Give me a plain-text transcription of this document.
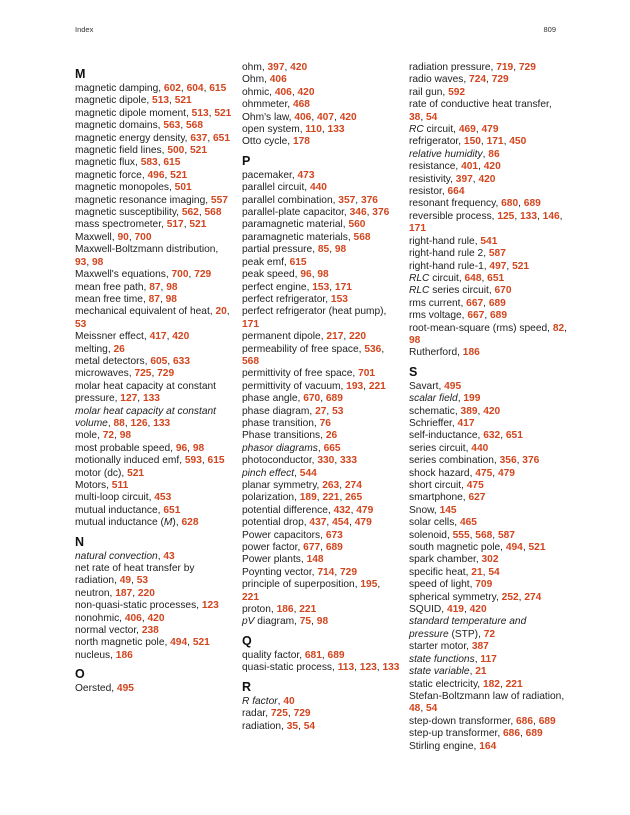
Index	809
M
magnetic damping, 602, 604, 615
magnetic dipole, 513, 521
magnetic dipole moment, 513, 521
magnetic domains, 563, 568
magnetic energy density, 637, 651
magnetic field lines, 500, 521
magnetic flux, 583, 615
magnetic force, 496, 521
magnetic monopoles, 501
magnetic resonance imaging, 557
magnetic susceptibility, 562, 568
mass spectrometer, 517, 521
Maxwell, 90, 700
Maxwell-Boltzmann distribution, 93, 98
Maxwell's equations, 700, 729
mean free path, 87, 98
mean free time, 87, 98
mechanical equivalent of heat, 20, 53
Meissner effect, 417, 420
melting, 26
metal detectors, 605, 633
microwaves, 725, 729
molar heat capacity at constant pressure, 127, 133
molar heat capacity at constant volume, 88, 126, 133
mole, 72, 98
most probable speed, 96, 98
motionally induced emf, 593, 615
motor (dc), 521
Motors, 511
multi-loop circuit, 453
mutual inductance, 651
mutual inductance (M), 628
N
natural convection, 43
net rate of heat transfer by radiation, 49, 53
neutron, 187, 220
non-quasi-static processes, 123
nonohmic, 406, 420
normal vector, 238
north magnetic pole, 494, 521
nucleus, 186
O
Oersted, 495
ohm, 397, 420
Ohm, 406
ohmic, 406, 420
ohmmeter, 468
Ohm's law, 406, 407, 420
open system, 110, 133
Otto cycle, 178
P
pacemaker, 473
parallel circuit, 440
parallel combination, 357, 376
parallel-plate capacitor, 346, 376
paramagnetic material, 560
paramagnetic materials, 568
partial pressure, 85, 98
peak emf, 615
peak speed, 96, 98
perfect engine, 153, 171
perfect refrigerator, 153
perfect refrigerator (heat pump), 171
permanent dipole, 217, 220
permeability of free space, 536, 568
permittivity of free space, 701
permittivity of vacuum, 193, 221
phase angle, 670, 689
phase diagram, 27, 53
phase transition, 76
Phase transitions, 26
phasor diagrams, 665
photoconductor, 330, 333
pinch effect, 544
planar symmetry, 263, 274
polarization, 189, 221, 265
potential difference, 432, 479
potential drop, 437, 454, 479
Power capacitors, 673
power factor, 677, 689
Power plants, 148
Poynting vector, 714, 729
principle of superposition, 195, 221
proton, 186, 221
pV diagram, 75, 98
Q
quality factor, 681, 689
quasi-static process, 113, 123, 133
R
R factor, 40
radar, 725, 729
radiation, 35, 54
radiation pressure, 719, 729
radio waves, 724, 729
rail gun, 592
rate of conductive heat transfer, 38, 54
RC circuit, 469, 479
refrigerator, 150, 171, 450
relative humidity, 86
resistance, 401, 420
resistivity, 397, 420
resistor, 664
resonant frequency, 680, 689
reversible process, 125, 133, 146, 171
right-hand rule, 541
right-hand rule 2, 587
right-hand rule-1, 497, 521
RLC circuit, 648, 651
RLC series circuit, 670
rms current, 667, 689
rms voltage, 667, 689
root-mean-square (rms) speed, 82, 98
Rutherford, 186
S
Savart, 495
scalar field, 199
schematic, 389, 420
Schrieffer, 417
self-inductance, 632, 651
series circuit, 440
series combination, 356, 376
shock hazard, 475, 479
short circuit, 475
smartphone, 627
Snow, 145
solar cells, 465
solenoid, 555, 568, 587
south magnetic pole, 494, 521
spark chamber, 302
specific heat, 21, 54
speed of light, 709
spherical symmetry, 252, 274
SQUID, 419, 420
standard temperature and pressure (STP), 72
starter motor, 387
state functions, 117
state variable, 21
static electricity, 182, 221
Stefan-Boltzmann law of radiation, 48, 54
step-down transformer, 686, 689
step-up transformer, 686, 689
Stirling engine, 164
